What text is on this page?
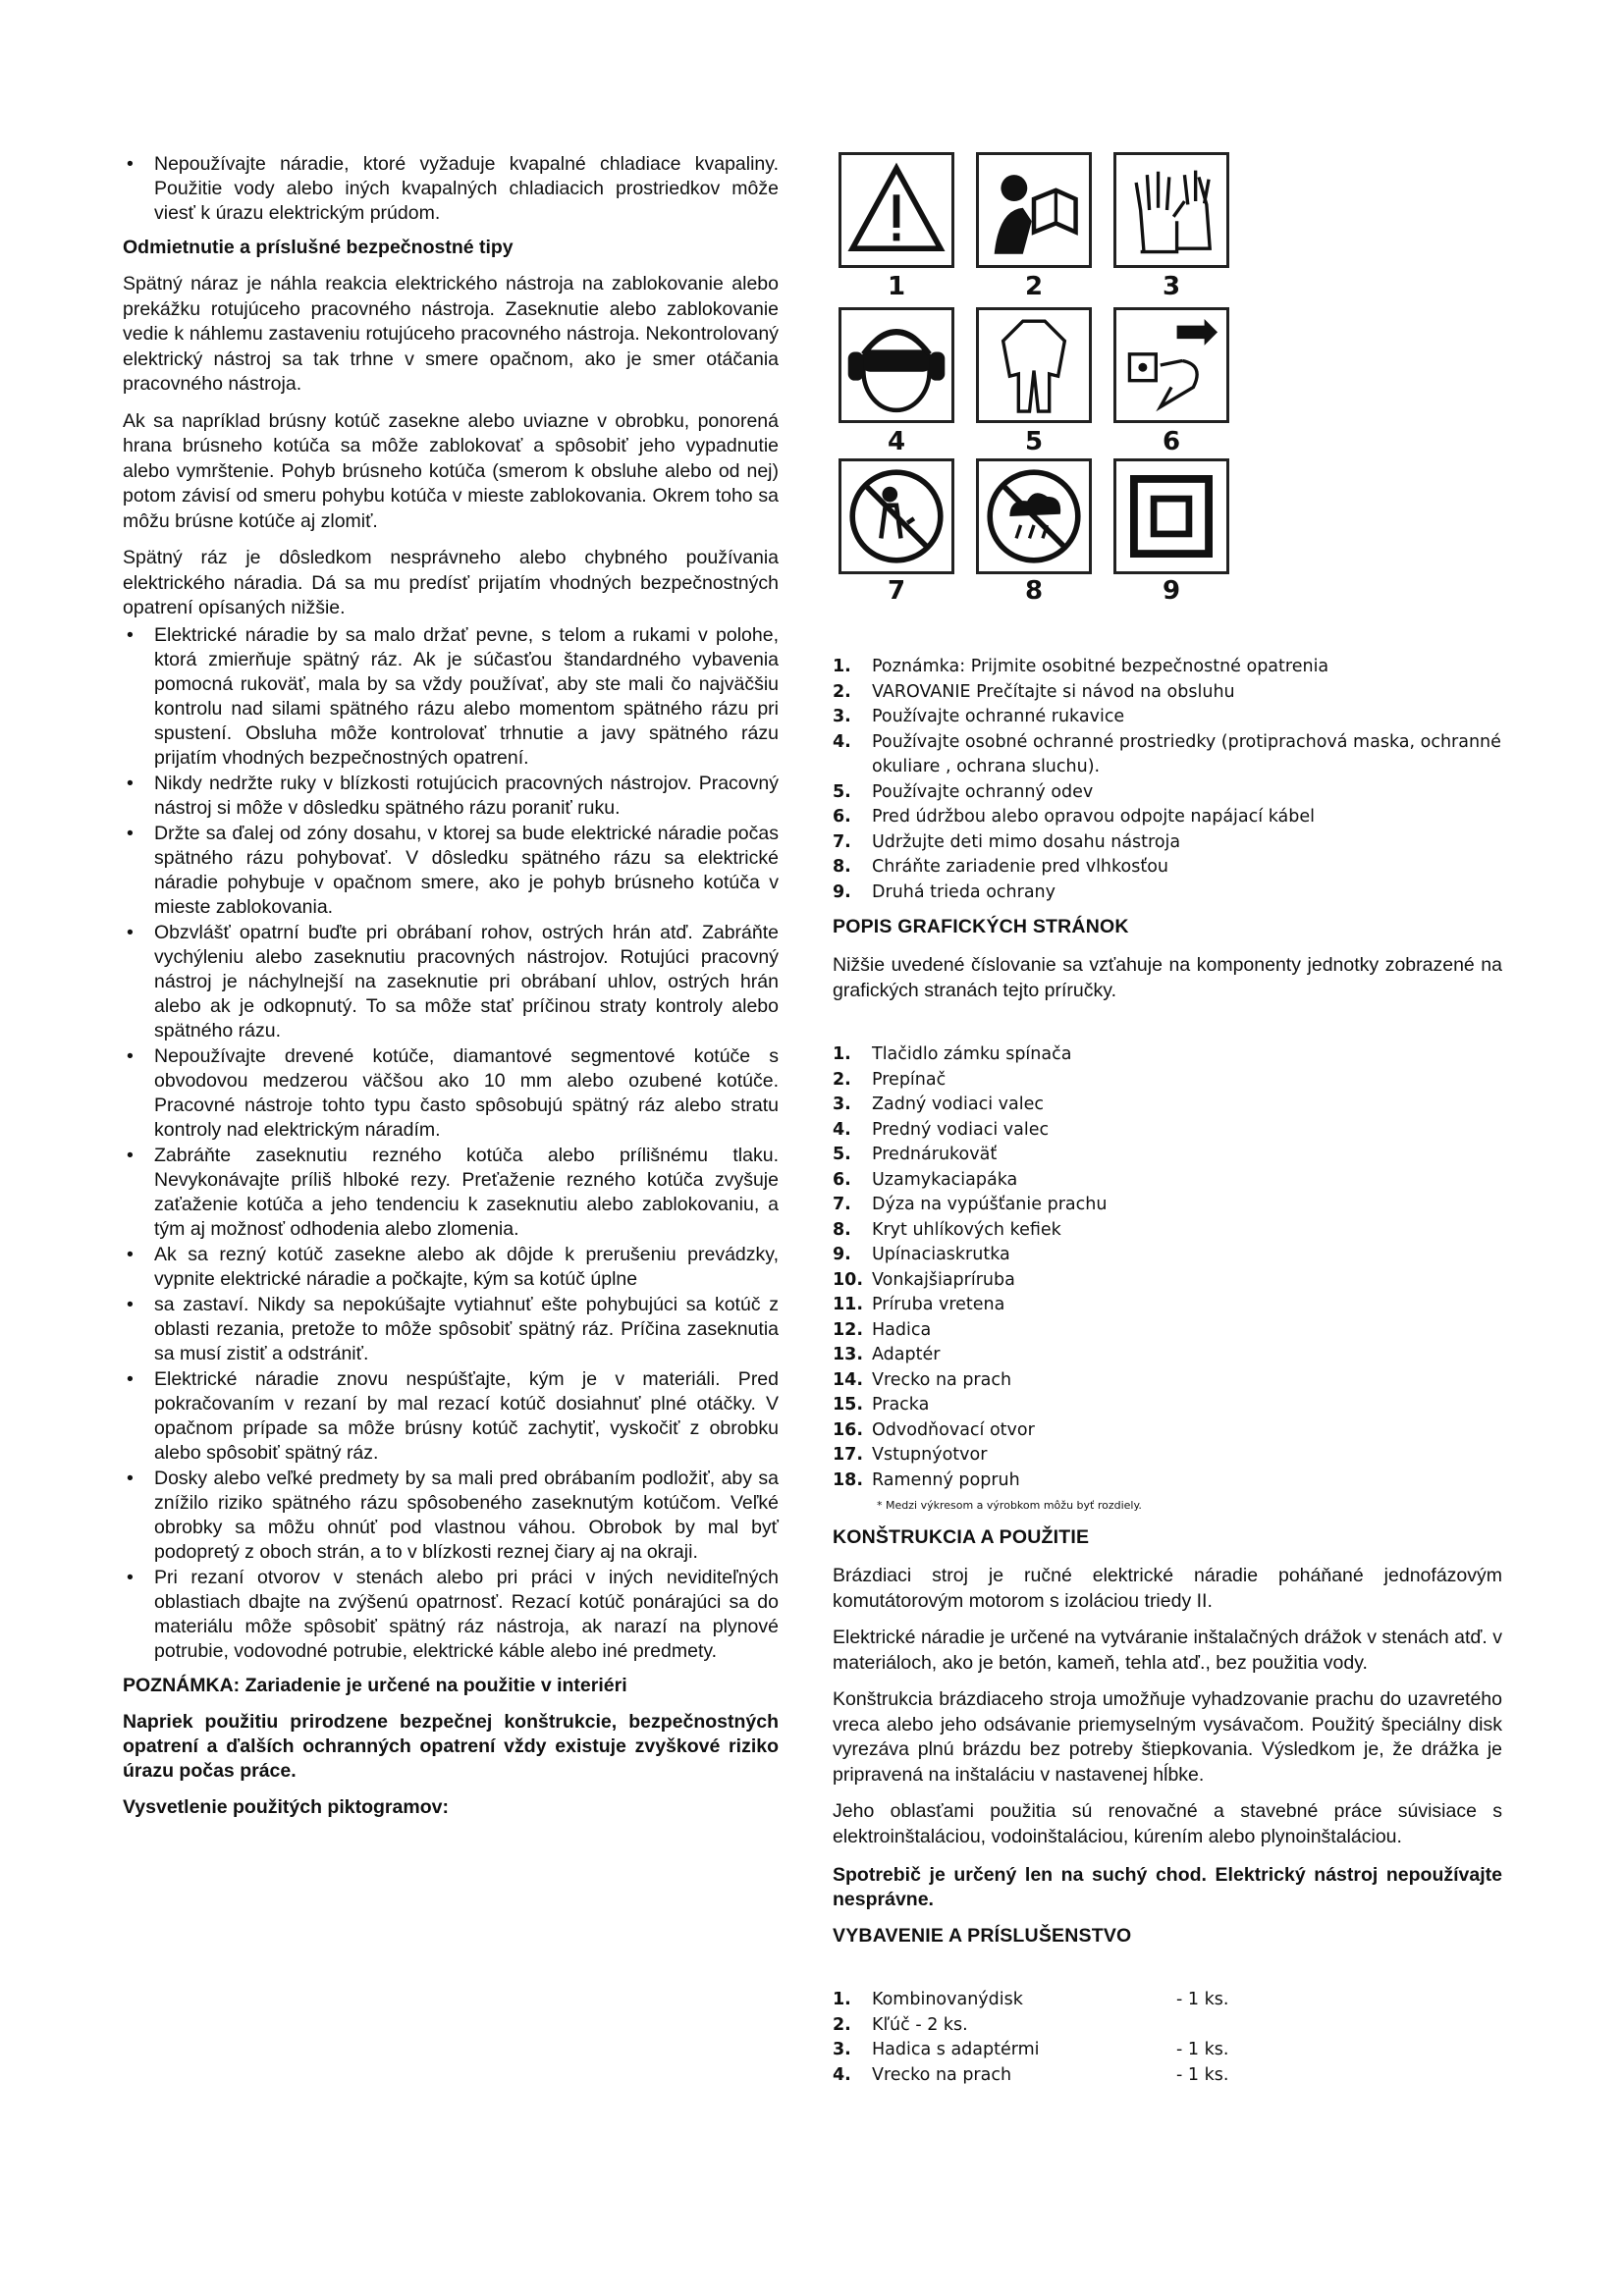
• Nepoužívajte náradie, ktoré vyžaduje kvapalné chladiace kvapaliny. Použitie vody alebo iných kvapalných chladiacich prostriedkov môže viesť k úrazu elektrickým prúdom.
Odmietnutie a príslušné bezpečnostné tipy

Spätný náraz je náhla reakcia elektrického nástroja na zablokovanie alebo prekážku rotujúceho pracovného nástroja. Zaseknutie alebo zablokovanie vedie k náhlemu zastaveniu rotujúceho pracovného nástroja. Nekontrolovaný elektrický nástroj sa tak trhne v smere opačnom, ako je smer otáčania pracovného nástroja.

Ak sa napríklad brúsny kotúč zasekne alebo uviazne v obrobku, ponorená hrana brúsneho kotúča sa môže zablokovať a spôsobiť jeho vypadnutie alebo vymrštenie. Pohyb brúsneho kotúča (smerom k obsluhe alebo od nej) potom závisí od smeru pohybu kotúča v mieste zablokovania. Okrem toho sa môžu brúsne kotúče aj zlomiť.

Spätný ráz je dôsledkom nesprávneho alebo chybného používania elektrického náradia. Dá sa mu predísť prijatím vhodných bezpečnostných opatrení opísaných nižšie.

• Elektrické náradie by sa malo držať pevne, s telom a rukami v polohe, ktorá zmierňuje spätný ráz. Ak je súčasťou štandardného vybavenia pomocná rukoväť, mala by sa vždy používať, aby ste mali čo najväčšiu kontrolu nad silami spätného rázu alebo momentom spätného rázu pri spustení. Obsluha môže kontrolovať trhnutie a javy spätného rázu prijatím vhodných bezpečnostných opatrení.
• Nikdy nedržte ruky v blízkosti rotujúcich pracovných nástrojov. Pracovný nástroj si môže v dôsledku spätného rázu poraniť ruku.
• Držte sa ďalej od zóny dosahu, v ktorej sa bude elektrické náradie počas spätného rázu pohybovať. V dôsledku spätného rázu sa elektrické náradie pohybuje v opačnom smere, ako je pohyb brúsneho kotúča v mieste zablokovania.
• Obzvlášť opatrní buďte pri obrábaní rohov, ostrých hrán atď. Zabráňte vychýleniu alebo zaseknutiu pracovných nástrojov. Rotujúci pracovný nástroj je náchylnejší na zaseknutie pri obrábaní uhlov, ostrých hrán alebo ak je odkopnutý. To sa môže stať príčinou straty kontroly alebo spätného rázu.
• Nepoužívajte drevené kotúče, diamantové segmentové kotúče s obvodovou medzerou väčšou ako 10 mm alebo ozubené kotúče. Pracovné nástroje tohto typu často spôsobujú spätný ráz alebo stratu kontroly nad elektrickým náradím.
• Zabráňte zaseknutiu rezného kotúča alebo prílišnému tlaku. Nevykonávajte príliš hlboké rezy. Preťaženie rezného kotúča zvyšuje zaťaženie kotúča a jeho tendenciu k zaseknutiu alebo zablokovaniu, a tým aj možnosť odhodenia alebo zlomenia.
• Ak sa rezný kotúč zasekne alebo ak dôjde k prerušeniu prevádzky, vypnite elektrické náradie a počkajte, kým sa kotúč úplne
• sa zastaví. Nikdy sa nepokúšajte vytiahnuť ešte pohybujúci sa kotúč z oblasti rezania, pretože to môže spôsobiť spätný ráz. Príčina zaseknutia sa musí zistiť a odstrániť.
• Elektrické náradie znovu nespúšťajte, kým je v materiáli. Pred pokračovaním v rezaní by mal rezací kotúč dosiahnuť plné otáčky. V opačnom prípade sa môže brúsny kotúč zachytiť, vyskočiť z obrobku alebo spôsobiť spätný ráz.
• Dosky alebo veľké predmety by sa mali pred obrábaním podložiť, aby sa znížilo riziko spätného rázu spôsobeného zaseknutým kotúčom. Veľké obrobky sa môžu ohnúť pod vlastnou váhou. Obrobok by mal byť podopretý z oboch strán, a to v blízkosti reznej čiary aj na okraji.
• Pri rezaní otvorov v stenách alebo pri práci v iných neviditeľných oblastiach dbajte na zvýšenú opatrnosť. Rezací kotúč ponárajúci sa do materiálu môže spôsobiť spätný ráz nástroja, ak narazí na plynové potrubie, vodovodné potrubie, elektrické káble alebo iné predmety.
POZNÁMKA: Zariadenie je určené na použitie v interiéri
Napriek použitiu prirodzene bezpečnej konštrukcie, bezpečnostných opatrení a ďalších ochranných opatrení vždy existuje zvyškové riziko úrazu počas práce.
Vysvetlenie použitých piktogramov:
1	2	3
4	5	6
7	8	9
1. Poznámka: Prijmite osobitné bezpečnostné opatrenia
2. VAROVANIE Prečítajte si návod na obsluhu
3. Používajte ochranné rukavice
4. Používajte osobné ochranné prostriedky (protiprachová maska, ochranné okuliare , ochrana sluchu).
5. Používajte ochranný odev
6. Pred údržbou alebo opravou odpojte napájací kábel
7. Udržujte deti mimo dosahu nástroja
8. Chráňte zariadenie pred vlhkosťou
9. Druhá trieda ochrany
POPIS GRAFICKÝCH STRÁNOK

Nižšie uvedené číslovanie sa vzťahuje na komponenty jednotky zobrazené na grafických stranách tejto príručky.

1. Tlačidlo zámku spínača
2. Prepínač
3. Zadný vodiaci valec
4. Predný vodiaci valec
5. Prednárukoväť
6. Uzamykaciapáka
7. Dýza na vypúšťanie prachu
8. Kryt uhlíkových kefiek
9. Upínaciaskrutka
10. Vonkajšiapríruba
11. Príruba vretena
12. Hadica
13. Adaptér
14. Vrecko na prach
15. Pracka
16. Odvodňovací otvor
17. Vstupnýotvor
18. Ramenný popruh
* Medzi výkresom a výrobkom môžu byť rozdiely.
KONŠTRUKCIA A POUŽITIE

Brázdiaci stroj je ručné elektrické náradie poháňané jednofázovým komutátorovým motorom s izoláciou triedy II.

Elektrické náradie je určené na vytváranie inštalačných drážok v stenách atď. v materiáloch, ako je betón, kameň, tehla atď., bez použitia vody.

Konštrukcia brázdiaceho stroja umožňuje vyhadzovanie prachu do uzavretého vreca alebo jeho odsávanie priemyselným vysávačom. Použitý špeciálny disk vyrezáva plnú brázdu bez potreby štiepkovania. Výsledkom je, že drážka je pripravená na inštaláciu v nastavenej hĺbke.

Jeho oblasťami použitia sú renovačné a stavebné práce súvisiace s elektroinštaláciou, vodoinštaláciou, kúrením alebo plynoinštaláciou.

Spotrebič je určený len na suchý chod. Elektrický nástroj nepoužívajte nesprávne.
VYBAVENIE A PRÍSLUŠENSTVO
1.	Kombinovanýdisk	- 1 ks.
2.	Kľúč - 2 ks.
3.	Hadica s adaptérmi	- 1 ks.
4.	Vrecko na prach	- 1 ks.
